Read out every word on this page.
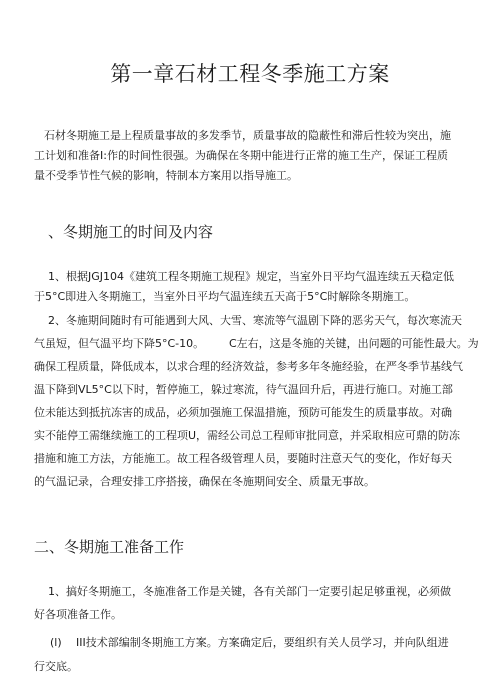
第一章石材工程冬季施工方案
石材冬期施工是上程质量事故的多发季节，质量事故的隐蔽性和滞后性较为突出，施
工计划和准备I:作的时间性很强。为确保在冬期中能进行正常的施工生产，保证工程质
量不受季节性气候的影响，特制本方案用以指导施工。
、冬期施工的时间及内容
1、根据JGJ104《建筑工程冬期施工规程》规定，当室外日平均气温连续五天稳定低
于5°C即进入冬期施工，当室外日平均气温连续五天高于5°C时解除冬期施工。
2、冬施期间随时有可能遇到大风、大雪、寒流等气温剧下降的恶劣天气，每次寒流天
气虽短，但气温平均下降5°C-10。 C左右，这是冬施的关键，出问题的可能性最大。为
确保工程质量，降低成本，以求合理的经济效益，参考多年冬施经验，在严冬季节基线气
温下降到VL5°C以下时，暂停施工，躲过寒流，待气温回升后，再进行施口。对施工部
位未能达到抵抗冻害的成品，必须加强施工保温措施，预防可能发生的质量事故。对确
实不能停工需继续施工的工程项U，需经公司总工程师审批同意，并采取相应可鼎的防冻
措施和施工方法，方能施工。故工程各级管理人员，要随时注意天气的变化，作好每天
的气温记录，合理安排工序搭接，确保在冬施期间安全、质量无事故。
二、冬期施工准备工作
1、搞好冬期施工，冬施准备工作是关键，各有关部门一定要引起足够重视，必须做
好各项准备工作。
(l) III技术部编制冬期施工方案。方案确定后，要组织有关人员学习，并向队组进
行交底。
